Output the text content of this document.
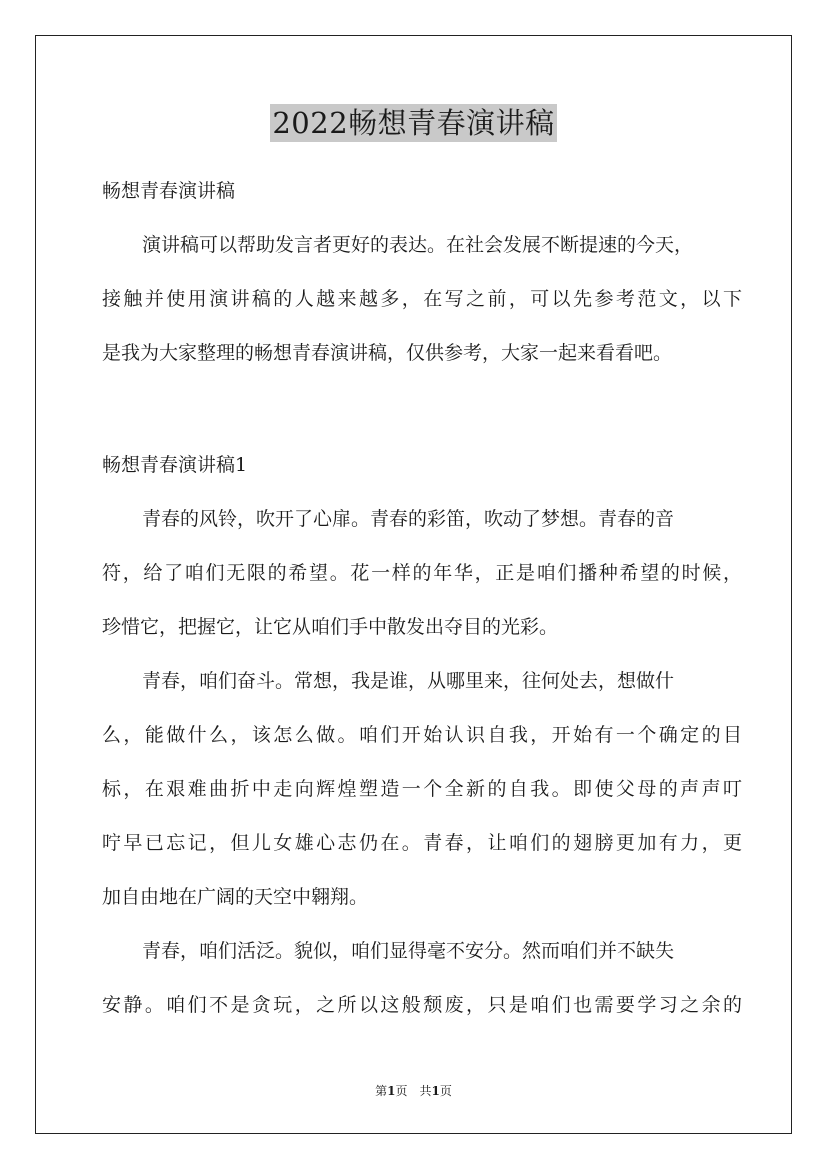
2022畅想青春演讲稿
畅想青春演讲稿
演讲稿可以帮助发言者更好的表达。在社会发展不断提速的今天，
接触并使用演讲稿的人越来越多，在写之前，可以先参考范文，以下
是我为大家整理的畅想青春演讲稿，仅供参考，大家一起来看看吧。
畅想青春演讲稿1
青春的风铃，吹开了心扉。青春的彩笛，吹动了梦想。青春的音
符，给了咱们无限的希望。花一样的年华，正是咱们播种希望的时候，
珍惜它，把握它，让它从咱们手中散发出夺目的光彩。
青春，咱们奋斗。常想，我是谁，从哪里来，往何处去，想做什
么，能做什么，该怎么做。咱们开始认识自我，开始有一个确定的目
标，在艰难曲折中走向辉煌塑造一个全新的自我。即使父母的声声叮
咛早已忘记，但儿女雄心志仍在。青春，让咱们的翅膀更加有力，更
加自由地在广阔的天空中翱翔。
青春，咱们活泛。貌似，咱们显得毫不安分。然而咱们并不缺失
安静。咱们不是贪玩，之所以这般颓废，只是咱们也需要学习之余的
第1页　共1页
